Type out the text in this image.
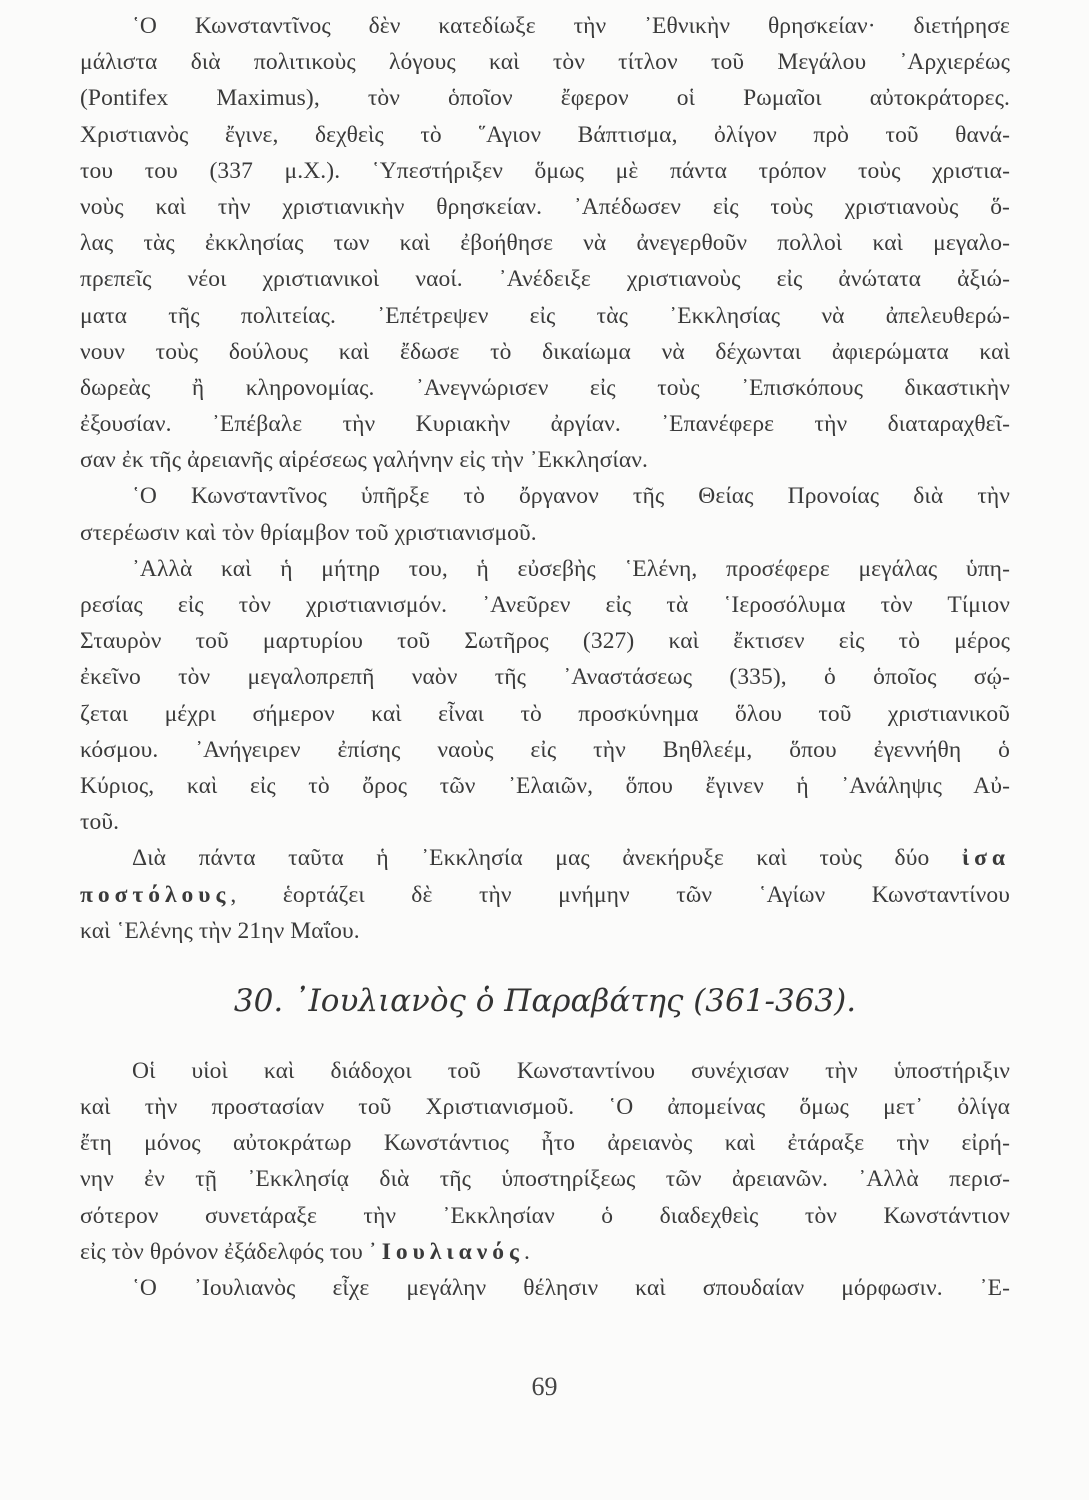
῾Ο Κωνσταντῖνος δὲν κατεδίωξε τὴν ᾿Εθνικὴν θρησκείαν· διετήρησε
μάλιστα διὰ πολιτικοὺς λόγους καὶ τὸν τίτλον τοῦ Μεγάλου ᾿Αρχιερέως
(Pontifex Maximus), τὸν ὁποῖον ἔφερον οἱ Ρωμαῖοι αὐτοκράτορες.
Χριστιανὸς ἔγινε, δεχθεὶς τὸ ῞Αγιον Βάπτισμα, ὀλίγον πρὸ τοῦ θανά-
του του (337 μ.Χ.). ῾Υπεστήριξεν ὅμως μὲ πάντα τρόπον τοὺς χριστια-
νοὺς καὶ τὴν χριστιανικὴν θρησκείαν. ᾿Απέδωσεν εἰς τοὺς χριστιανοὺς ὅ-
λας τὰς ἐκκλησίας των καὶ ἐβοήθησε νὰ ἀνεγερθοῦν πολλοὶ καὶ μεγαλο-
πρεπεῖς νέοι χριστιανικοὶ ναοί. ᾿Ανέδειξε χριστιανοὺς εἰς ἀνώτατα ἀξιώ-
ματα τῆς πολιτείας. ᾿Επέτρεψεν εἰς τὰς ᾿Εκκλησίας νὰ ἀπελευθερώ-
νουν τοὺς δούλους καὶ ἔδωσε τὸ δικαίωμα νὰ δέχωνται ἀφιερώματα καὶ
δωρεὰς ἢ κληρονομίας. ᾿Ανεγνώρισεν εἰς τοὺς ᾿Επισκόπους δικαστικὴν
ἐξουσίαν. ᾿Επέβαλε τὴν Κυριακὴν ἀργίαν. ᾿Επανέφερε τὴν διαταραχθεῖ-
σαν ἐκ τῆς ἀρειανῆς αἱρέσεως γαλήνην εἰς τὴν ᾿Εκκλησίαν.
῾Ο Κωνσταντῖνος ὑπῆρξε τὸ ὄργανον τῆς Θείας Προνοίας διὰ τὴν
στερέωσιν καὶ τὸν θρίαμβον τοῦ χριστιανισμοῦ.
᾿Αλλὰ καὶ ἡ μήτηρ του, ἡ εὐσεβὴς ῾Ελένη, προσέφερε μεγάλας ὑπη-
ρεσίας εἰς τὸν χριστιανισμόν. ᾿Ανεῦρεν εἰς τὰ ῾Ιεροσόλυμα τὸν Τίμιον
Σταυρὸν τοῦ μαρτυρίου τοῦ Σωτῆρος (327) καὶ ἔκτισεν εἰς τὸ μέρος
ἐκεῖνο τὸν μεγαλοπρεπῆ ναὸν τῆς ᾿Αναστάσεως (335), ὁ ὁποῖος σῴ-
ζεται μέχρι σήμερον καὶ εἶναι τὸ προσκύνημα ὅλου τοῦ χριστιανικοῦ
κόσμου. ᾿Ανήγειρεν ἐπίσης ναοὺς εἰς τὴν Βηθλεέμ, ὅπου ἐγεννήθη ὁ
Κύριος, καὶ εἰς τὸ ὄρος τῶν ᾿Ελαιῶν, ὅπου ἔγινεν ἡ ᾿Ανάληψις Αὐ-
τοῦ.
Διὰ πάντα ταῦτα ἡ ᾿Εκκλησία μας ἀνεκήρυξε καὶ τοὺς δύο ἰσα
ποστόλους, ἑορτάζει δὲ τὴν μνήμην τῶν ῾Αγίων Κωνσταντίνου
καὶ ῾Ελένης τὴν 21ην Μαΐου.
30. ᾿Ιουλιανὸς ὁ Παραβάτης (361-363).
Οἱ υἱοὶ καὶ διάδοχοι τοῦ Κωνσταντίνου συνέχισαν τὴν ὑποστήριξιν
καὶ τὴν προστασίαν τοῦ Χριστιανισμοῦ. ῾Ο ἀπομείνας ὅμως μετ᾿ ὀλίγα
ἔτη μόνος αὐτοκράτωρ Κωνστάντιος ἦτο ἀρειανὸς καὶ ἐτάραξε τὴν εἰρή-
νην ἐν τῇ ᾿Εκκλησίᾳ διὰ τῆς ὑποστηρίξεως τῶν ἀρειανῶν. ᾿Αλλὰ περισ-
σότερον συνετάραξε τὴν ᾿Εκκλησίαν ὁ διαδεχθεὶς τὸν Κωνστάντιον
εἰς τὸν θρόνον ἐξάδελφός του ᾿Ιουλιανός.
῾Ο ᾿Ιουλιανὸς εἶχε μεγάλην θέλησιν καὶ σπουδαίαν μόρφωσιν. ᾿Ε-
69
